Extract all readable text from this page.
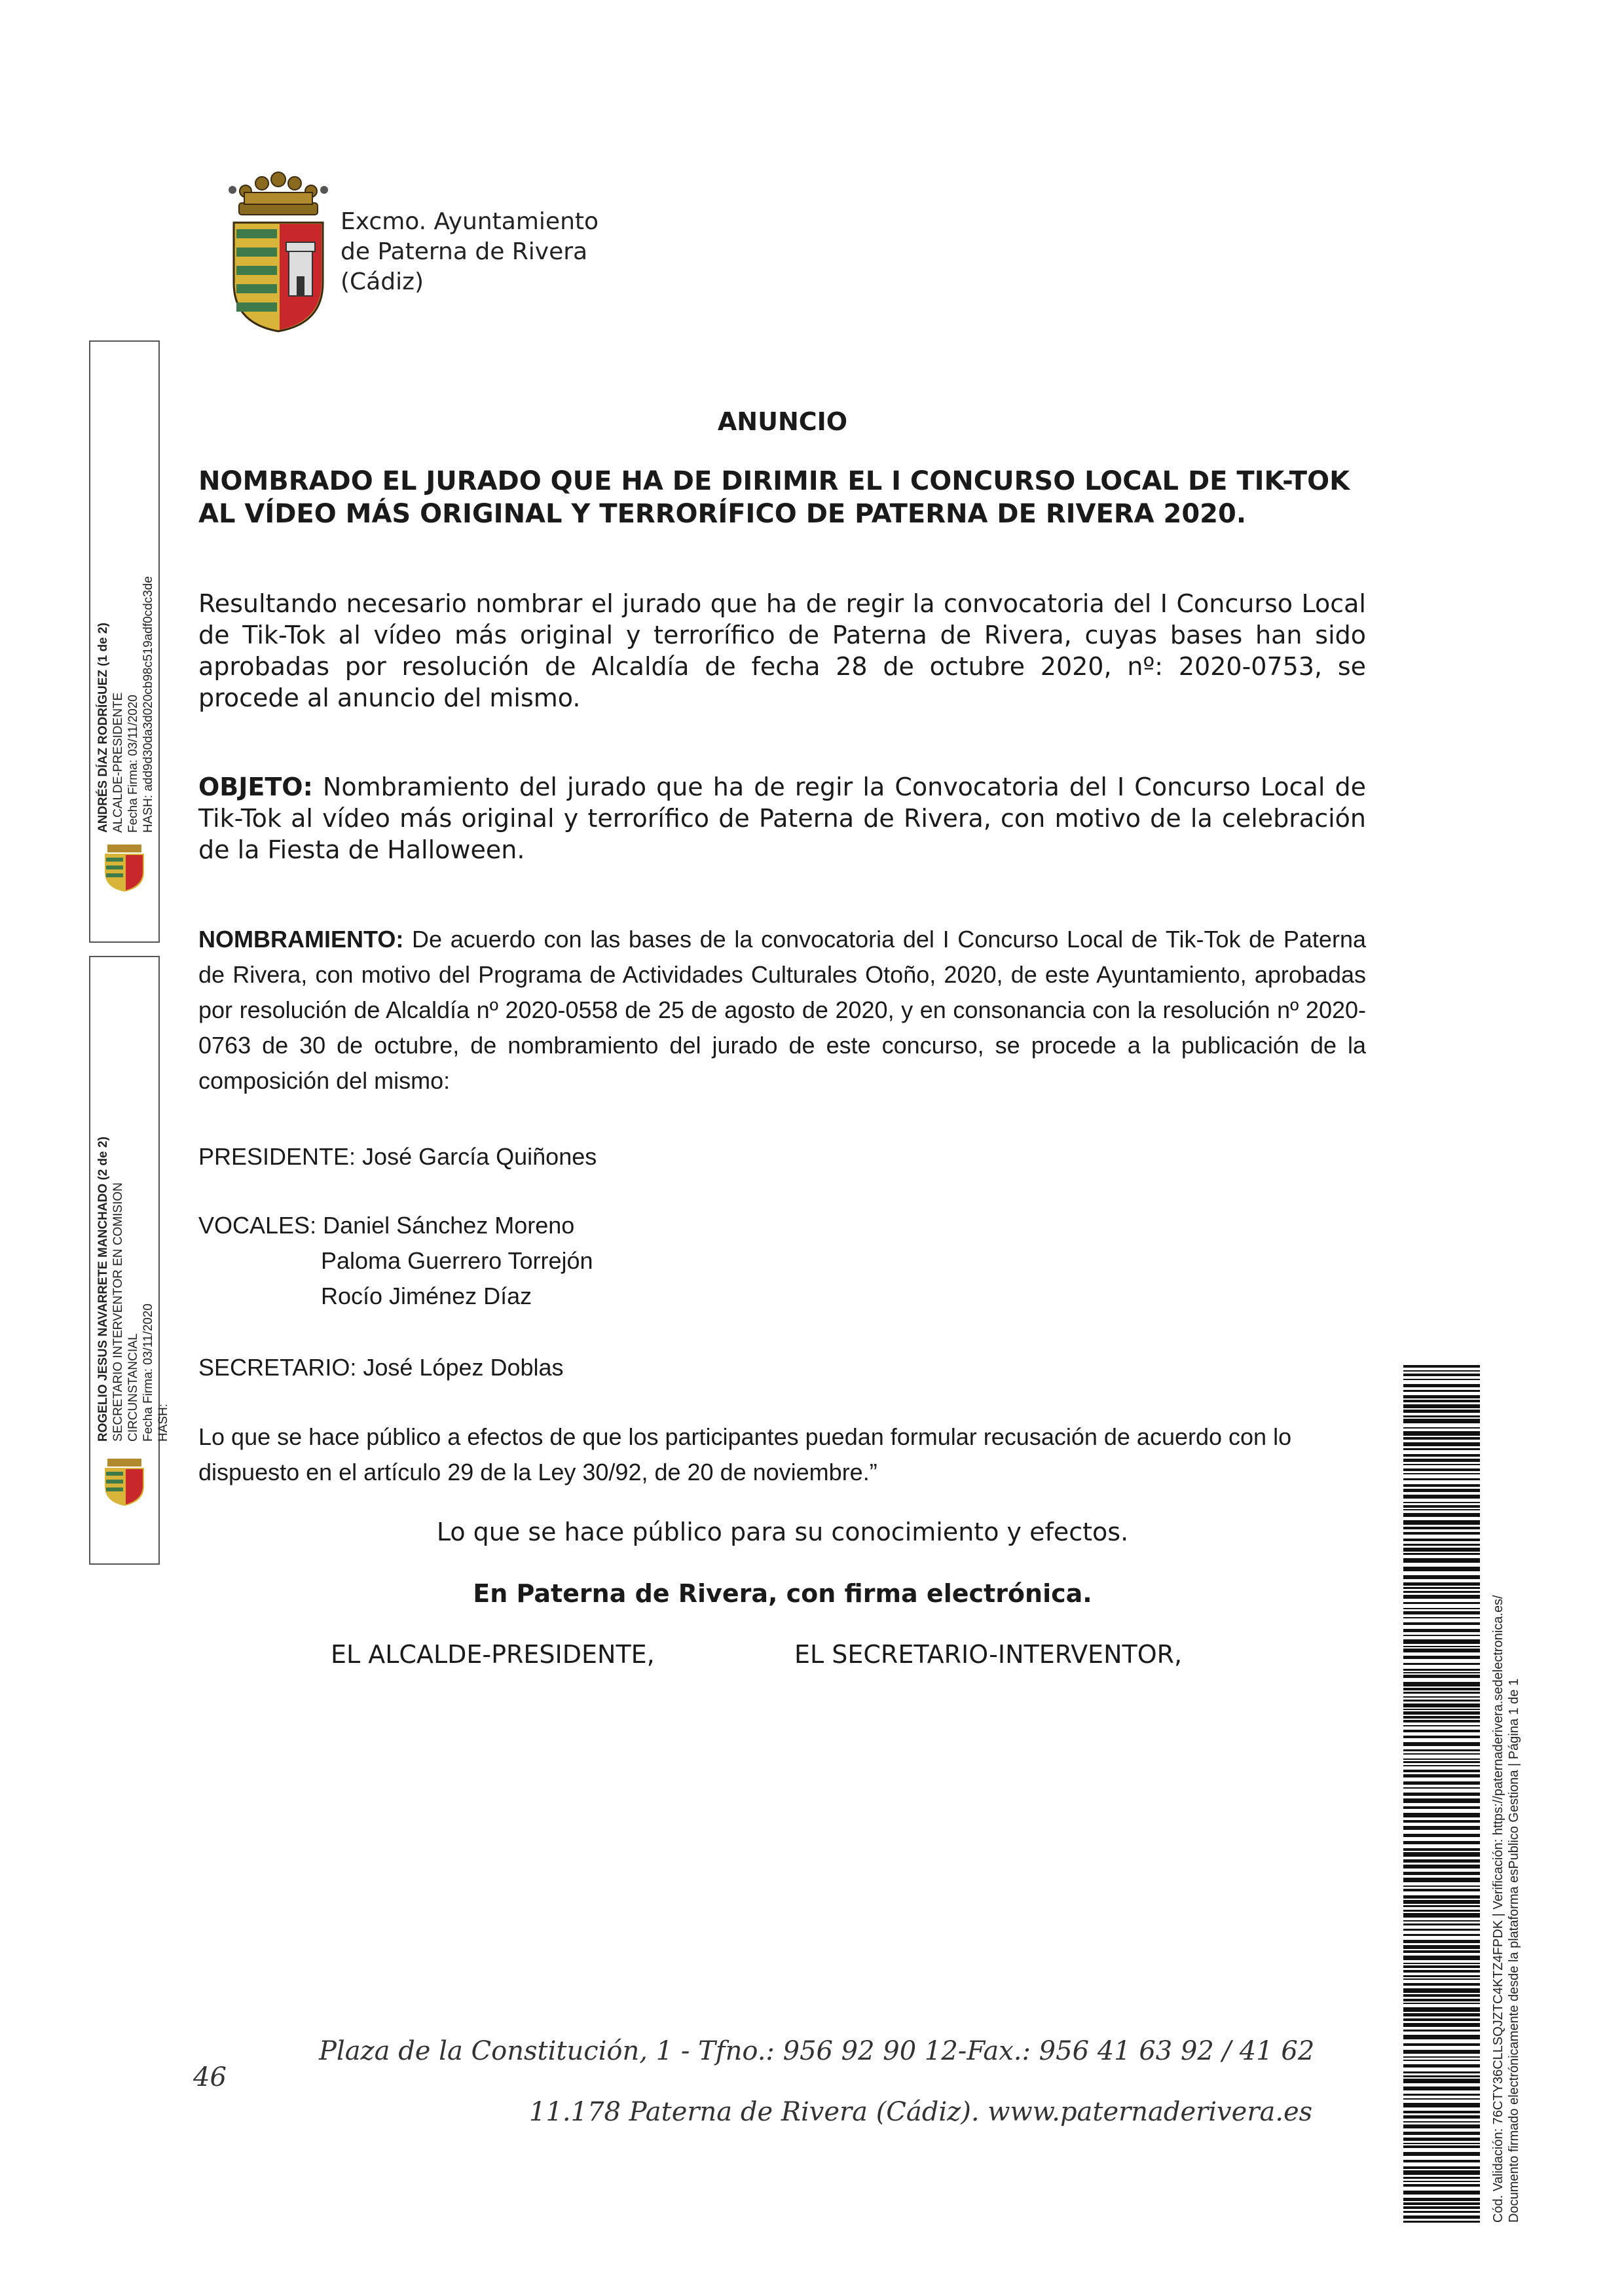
Excmo. Ayuntamiento
de Paterna de Rivera
(Cádiz)
ANDRÉS DÍAZ RODRÍGUEZ (1 de 2) ALCALDE-PRESIDENTE Fecha Firma: 03/11/2020 HASH: add9d30da3d020cb98c519adf0cdc3de
ROGELIO JESUS NAVARRETE MANCHADO (2 de 2) SECRETARIO INTERVENTOR EN COMISION CIRCUNSTANCIAL Fecha Firma: 03/11/2020 HASH:
ANUNCIO
NOMBRADO EL JURADO QUE HA DE DIRIMIR EL I CONCURSO LOCAL DE TIK-TOK AL VÍDEO MÁS ORIGINAL Y TERRORÍFICO DE PATERNA DE RIVERA 2020.
Resultando necesario nombrar el jurado que ha de regir la convocatoria del I Concurso Local de Tik-Tok al vídeo más original y terrorífico de Paterna de Rivera, cuyas bases han sido aprobadas por resolución de Alcaldía de fecha 28 de octubre 2020, nº: 2020-0753, se procede al anuncio del mismo.
OBJETO: Nombramiento del jurado que ha de regir la Convocatoria del I Concurso Local de Tik-Tok al vídeo más original y terrorífico de Paterna de Rivera, con motivo de la celebración de la Fiesta de Halloween.
NOMBRAMIENTO: De acuerdo con las bases de la convocatoria del I Concurso Local de Tik-Tok de Paterna de Rivera, con motivo del Programa de Actividades Culturales Otoño, 2020, de este Ayuntamiento, aprobadas por resolución de Alcaldía nº 2020-0558 de 25 de agosto de 2020, y en consonancia con la resolución nº 2020-0763 de 30 de octubre, de nombramiento del jurado de este concurso, se procede a la publicación de la composición del mismo:
PRESIDENTE: José García Quiñones
VOCALES: Daniel Sánchez Moreno
Paloma Guerrero Torrejón
Rocío Jiménez Díaz
SECRETARIO: José López Doblas
Lo que se hace público a efectos de que los participantes puedan formular recusación de acuerdo con lo dispuesto en el artículo 29 de la Ley 30/92, de 20 de noviembre.”
Lo que se hace público para su conocimiento y efectos.
En Paterna de Rivera, con firma electrónica.
EL ALCALDE-PRESIDENTE,	EL SECRETARIO-INTERVENTOR,
46
Plaza de la Constitución, 1 - Tfno.: 956 92 90 12-Fax.: 956 41 63 92 / 41 62
11.178 Paterna de Rivera (Cádiz). www.paternaderivera.es	Cód. Validación: 76CTY36CLLSQJZTC4KTZ4FPDK | Verificación: https://paternaderivera.sedelectronica.es/ Documento firmado electrónicamente desde la plataforma esPublico Gestiona | Página 1 de 1
